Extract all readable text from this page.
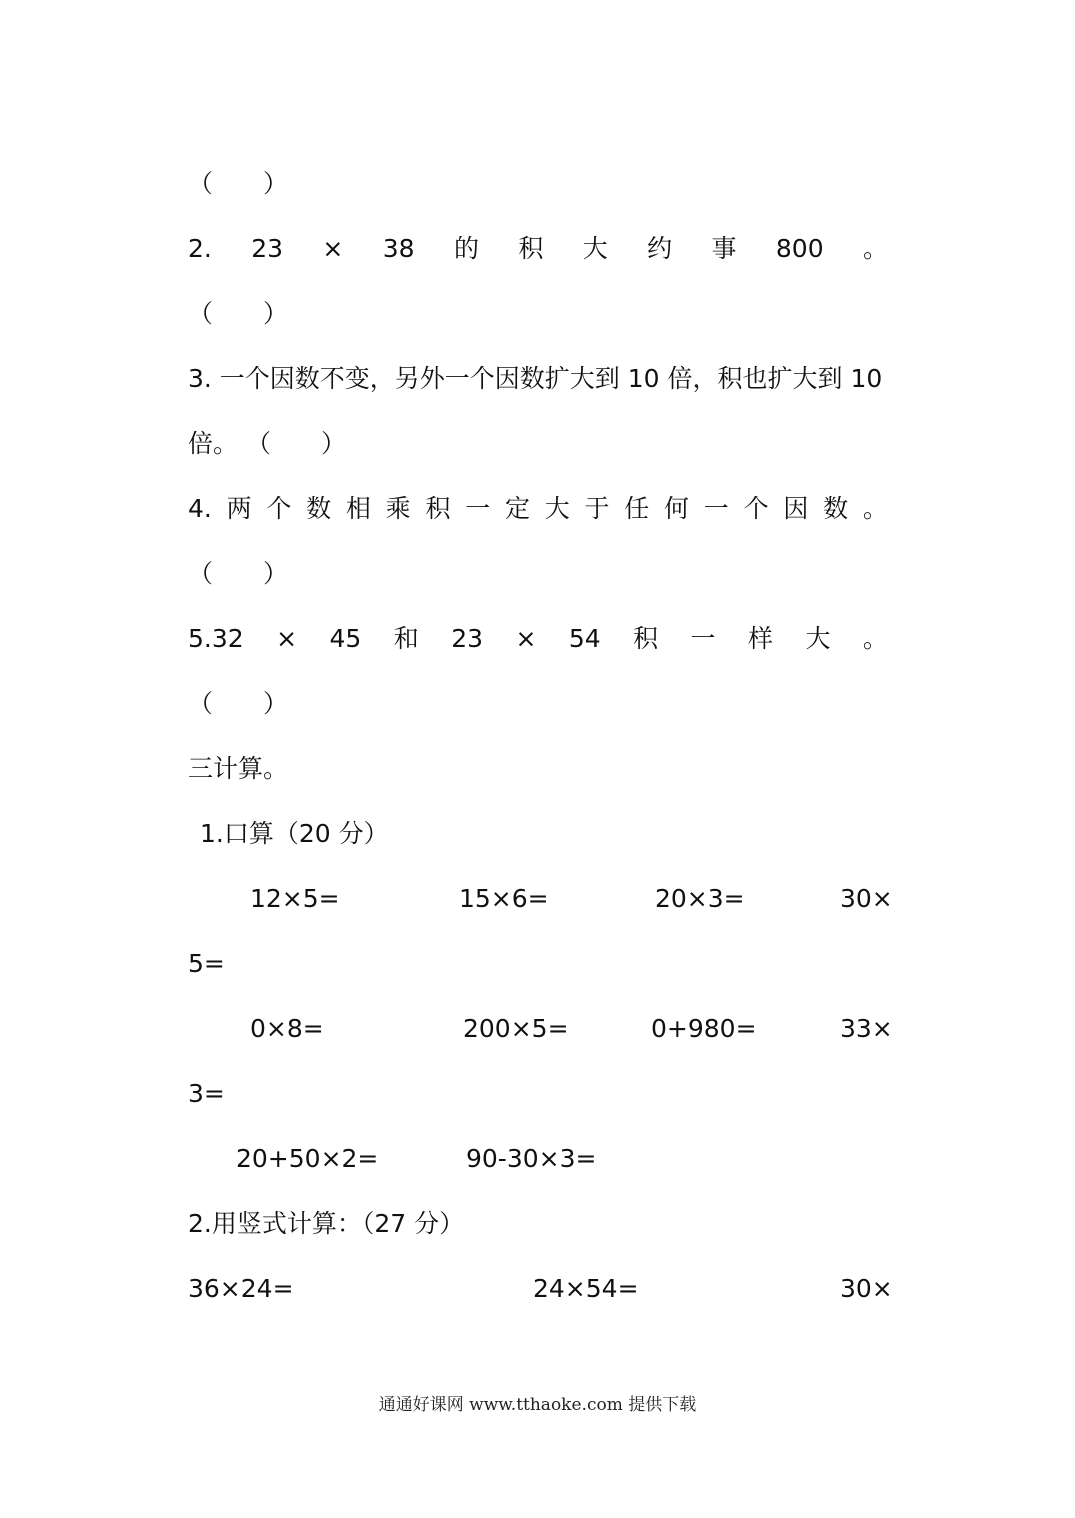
（　　）
2. 23 × 38 的 积 大 约 事 800 。
（　　）
3. 一个因数不变，另外一个因数扩大到 10 倍，积也扩大到 10
倍。 （　　）
4. 两 个 数 相 乘 积 一 定 大 于 任 何 一 个 因 数 。
（　　）
5.32 × 45 和 23 × 54 积 一 样 大 。
（　　）
三计算。
1.口算（20 分）
12×5=	15×6=	20×3=	30×
5=
0×8=	200×5=	0+980=	33×
3=
20+50×2=	90-30×3=
2.用竖式计算：（27 分）
36×24=	24×54=	30×
通通好课网 www.tthaoke.com 提供下载
